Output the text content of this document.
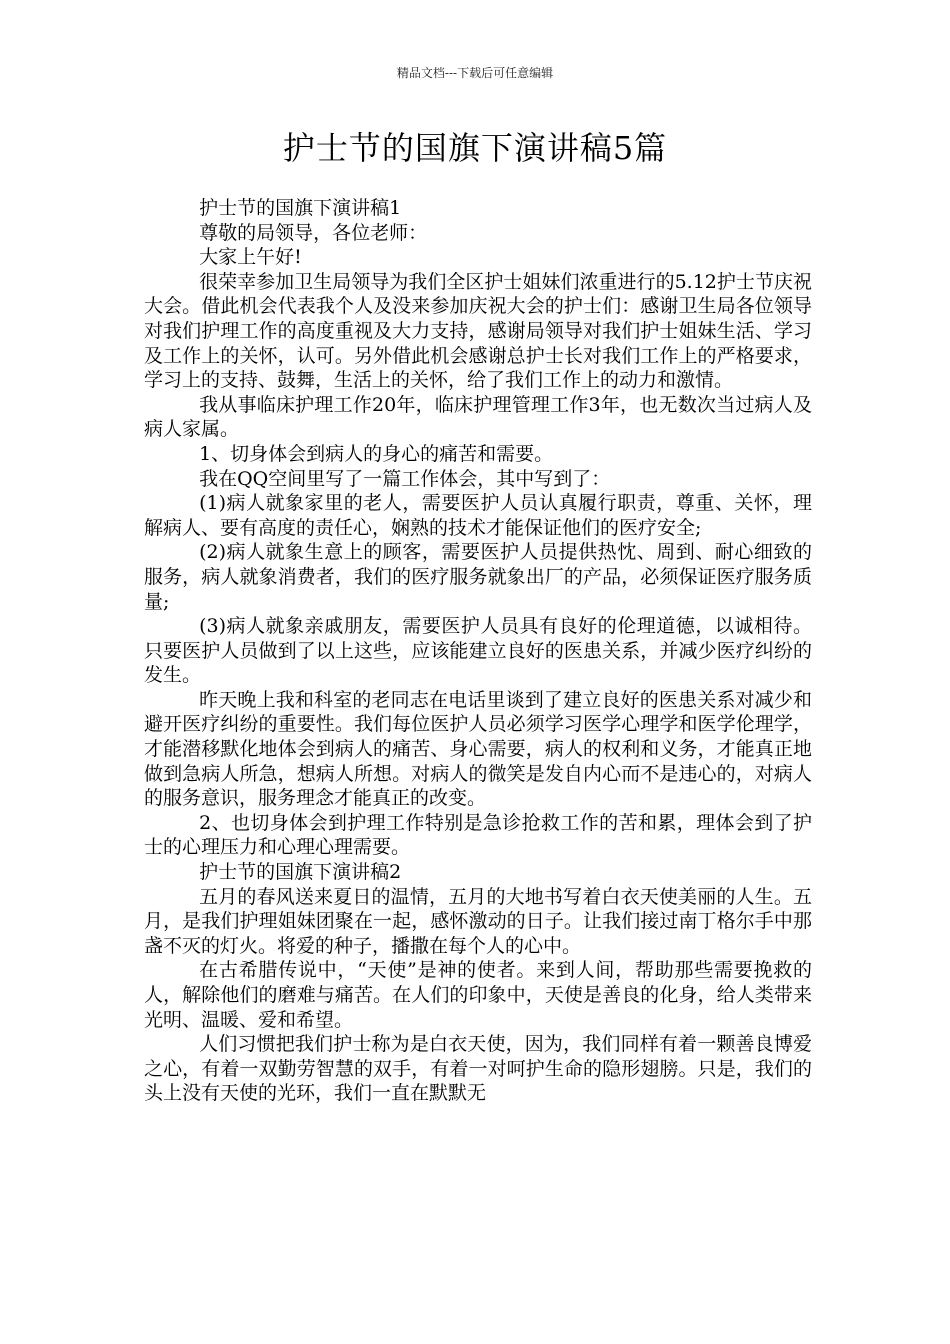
精品文档---下载后可任意编辑
护士节的国旗下演讲稿5篇

护士节的国旗下演讲稿1

尊敬的局领导，各位老师：

大家上午好!

很荣幸参加卫生局领导为我们全区护士姐妹们浓重进行的5.12护士节庆祝大会。借此机会代表我个人及没来参加庆祝大会的护士们：感谢卫生局各位领导对我们护理工作的高度重视及大力支持，感谢局领导对我们护士姐妹生活、学习及工作上的关怀，认可。另外借此机会感谢总护士长对我们工作上的严格要求，学习上的支持、鼓舞，生活上的关怀，给了我们工作上的动力和激情。

我从事临床护理工作20年，临床护理管理工作3年，也无数次当过病人及病人家属。

1、切身体会到病人的身心的痛苦和需要。

我在QQ空间里写了一篇工作体会，其中写到了：

(1)病人就象家里的老人，需要医护人员认真履行职责，尊重、关怀，理解病人、要有高度的责任心，娴熟的技术才能保证他们的医疗安全;

(2)病人就象生意上的顾客，需要医护人员提供热忱、周到、耐心细致的服务，病人就象消费者，我们的医疗服务就象出厂的产品，必须保证医疗服务质量;

(3)病人就象亲戚朋友，需要医护人员具有良好的伦理道德，以诚相待。只要医护人员做到了以上这些，应该能建立良好的医患关系，并减少医疗纠纷的发生。

昨天晚上我和科室的老同志在电话里谈到了建立良好的医患关系对减少和避开医疗纠纷的重要性。我们每位医护人员必须学习医学心理学和医学伦理学，才能潜移默化地体会到病人的痛苦、身心需要，病人的权利和义务，才能真正地做到急病人所急，想病人所想。对病人的微笑是发自内心而不是违心的，对病人的服务意识，服务理念才能真正的改变。

2、也切身体会到护理工作特别是急诊抢救工作的苦和累，理体会到了护士的心理压力和心理心理需要。

护士节的国旗下演讲稿2

五月的春风送来夏日的温情，五月的大地书写着白衣天使美丽的人生。五月，是我们护理姐妹团聚在一起，感怀激动的日子。让我们接过南丁格尔手中那盏不灭的灯火。将爱的种子，播撒在每个人的心中。

在古希腊传说中，“天使”是神的使者。来到人间，帮助那些需要挽救的人，解除他们的磨难与痛苦。在人们的印象中，天使是善良的化身，给人类带来光明、温暖、爱和希望。

人们习惯把我们护士称为是白衣天使，因为，我们同样有着一颗善良博爱之心，有着一双勤劳智慧的双手，有着一对呵护生命的隐形翅膀。只是，我们的头上没有天使的光环，我们一直在默默无
